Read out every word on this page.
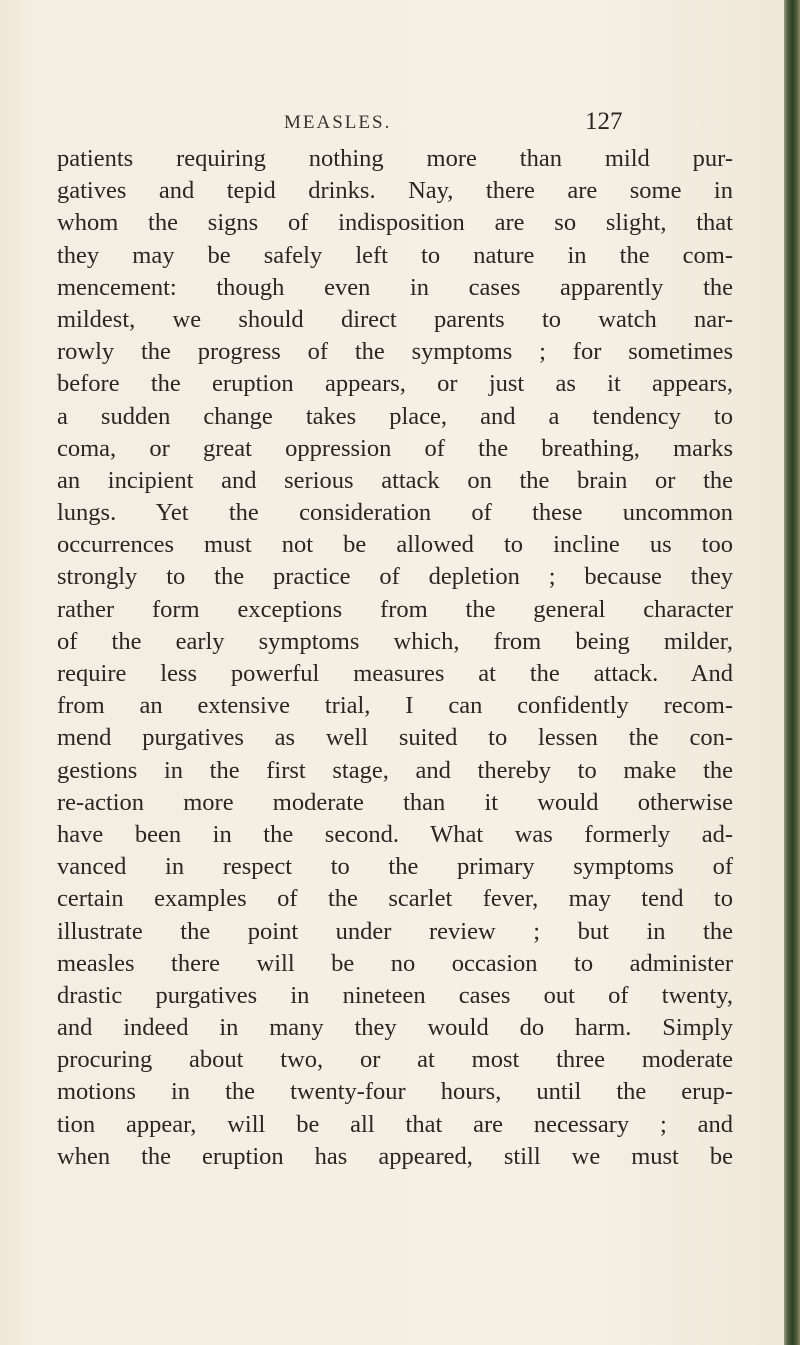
MEASLES.	127
patients requiring nothing more than mild pur-
gatives and tepid drinks. Nay, there are some in
whom the signs of indisposition are so slight, that
they may be safely left to nature in the com-
mencement: though even in cases apparently the
mildest, we should direct parents to watch nar-
rowly the progress of the symptoms ; for sometimes
before the eruption appears, or just as it appears,
a sudden change takes place, and a tendency to
coma, or great oppression of the breathing, marks
an incipient and serious attack on the brain or the
lungs. Yet the consideration of these uncommon
occurrences must not be allowed to incline us too
strongly to the practice of depletion ; because they
rather form exceptions from the general character
of the early symptoms which, from being milder,
require less powerful measures at the attack. And
from an extensive trial, I can confidently recom-
mend purgatives as well suited to lessen the con-
gestions in the first stage, and thereby to make the
re-action more moderate than it would otherwise
have been in the second. What was formerly ad-
vanced in respect to the primary symptoms of
certain examples of the scarlet fever, may tend to
illustrate the point under review ; but in the
measles there will be no occasion to administer
drastic purgatives in nineteen cases out of twenty,
and indeed in many they would do harm. Simply
procuring about two, or at most three moderate
motions in the twenty-four hours, until the erup-
tion appear, will be all that are necessary ; and
when the eruption has appeared, still we must be
